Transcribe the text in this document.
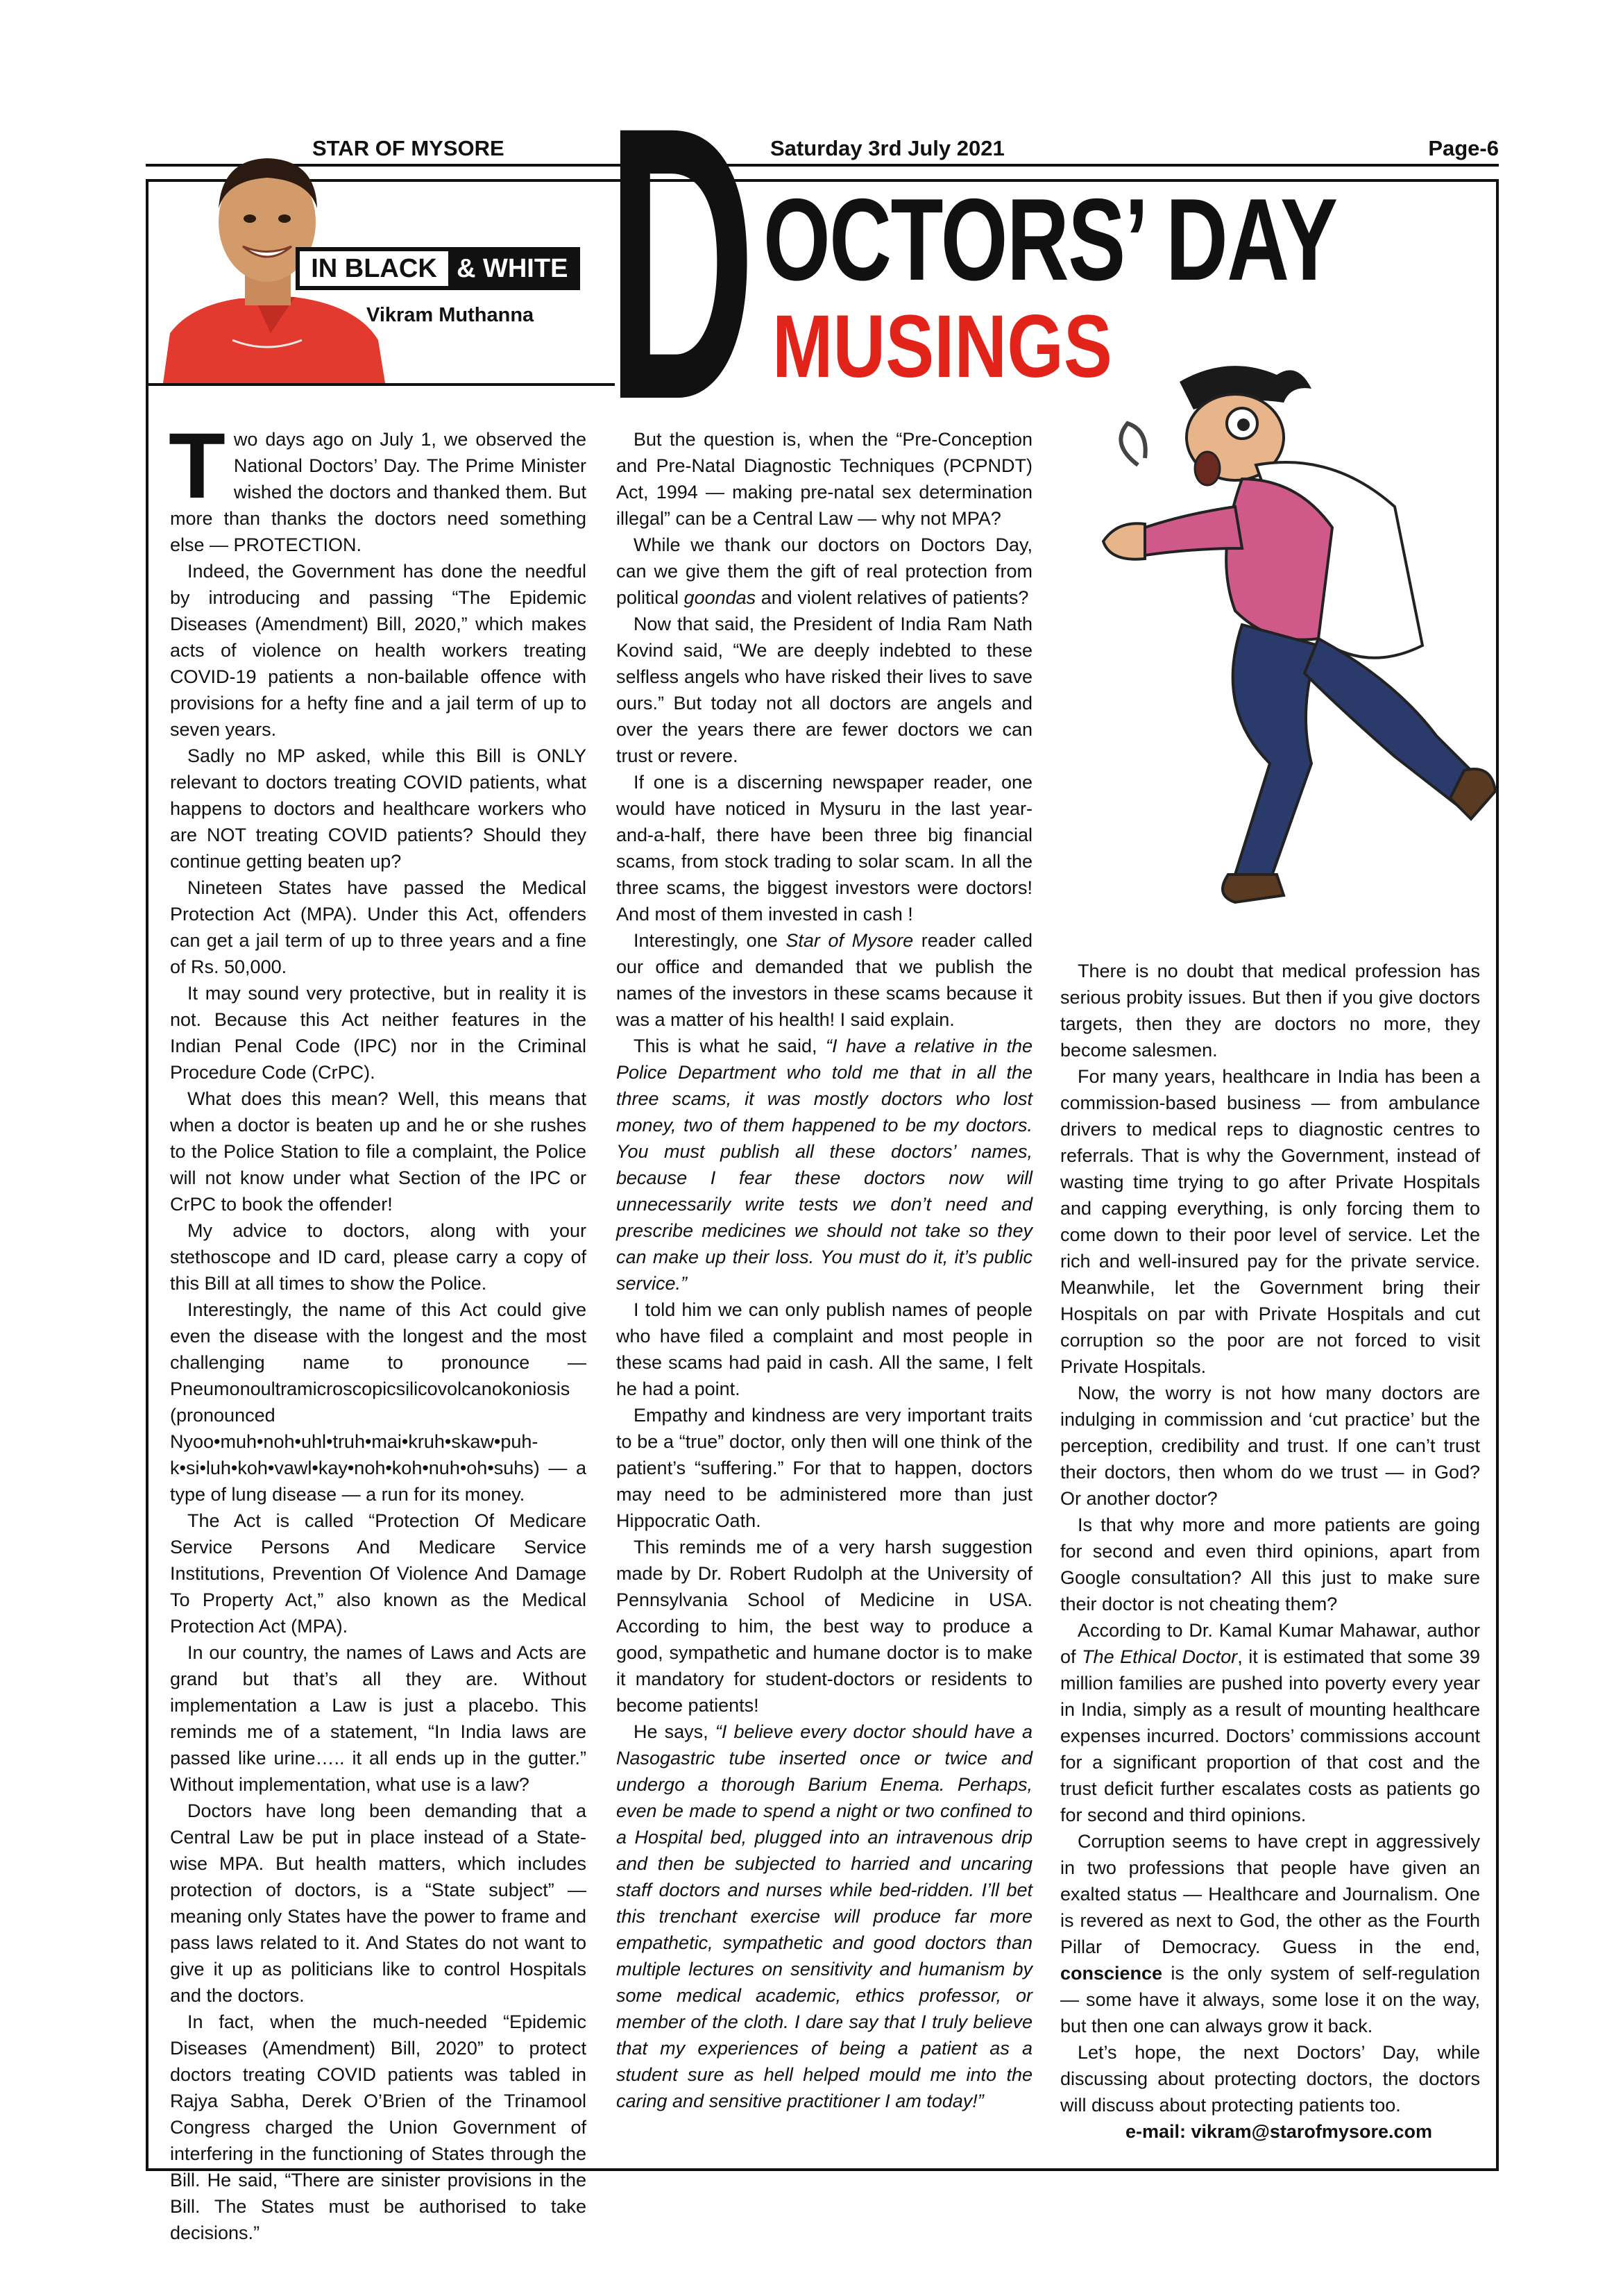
STAR OF MYSORE	Saturday 3rd July 2021	Page-6
IN BLACK & WHITE
Vikram Muthanna D OCTORS’ DAY
MUSINGS

Two days ago on July 1, we observed the National Doctors’ Day. The Prime Minister wished the doctors and thanked them. But more than thanks the doctors need something else — PROTECTION.

Indeed, the Government has done the needful by introducing and passing “The Epidemic Diseases (Amendment) Bill, 2020,” which makes acts of violence on health workers treating COVID-19 patients a non-bailable offence with provisions for a hefty fine and a jail term of up to seven years.

Sadly no MP asked, while this Bill is ONLY relevant to doctors treating COVID patients, what happens to doctors and healthcare workers who are NOT treating COVID patients? Should they continue getting beaten up?

Nineteen States have passed the Medical Protection Act (MPA). Under this Act, offenders can get a jail term of up to three years and a fine of Rs. 50,000.

It may sound very protective, but in reality it is not. Because this Act neither features in the Indian Penal Code (IPC) nor in the Criminal Procedure Code (CrPC).

What does this mean? Well, this means that when a doctor is beaten up and he or she rushes to the Police Station to file a complaint, the Police will not know under what Section of the IPC or CrPC to book the offender!

My advice to doctors, along with your stethoscope and ID card, please carry a copy of this Bill at all times to show the Police.

Interestingly, the name of this Act could give even the disease with the longest and the most challenging name to pronounce — Pneumonoultramicroscopicsilicovolcanokoniosis (pronounced Nyoo•muh•noh•uhl•truh•mai•kruh•skaw•puh-k•si•luh•koh•vawl•kay•noh•koh•nuh•oh•suhs) — a type of lung disease — a run for its money.

The Act is called “Protection Of Medicare Service Persons And Medicare Service Institutions, Prevention Of Violence And Damage To Property Act,” also known as the Medical Protection Act (MPA).

In our country, the names of Laws and Acts are grand but that’s all they are. Without implementation a Law is just a placebo. This reminds me of a statement, “In India laws are passed like urine….. it all ends up in the gutter.” Without implementation, what use is a law?

Doctors have long been demanding that a Central Law be put in place instead of a State-wise MPA. But health matters, which includes protection of doctors, is a “State subject” — meaning only States have the power to frame and pass laws related to it. And States do not want to give it up as politicians like to control Hospitals and the doctors.

In fact, when the much-needed “Epidemic Diseases (Amendment) Bill, 2020” to protect doctors treating COVID patients was tabled in Rajya Sabha, Derek O’Brien of the Trinamool Congress charged the Union Government of interfering in the functioning of States through the Bill. He said, “There are sinister provisions in the Bill. The States must be authorised to take decisions.”

But the question is, when the “Pre-Conception and Pre-Natal Diagnostic Techniques (PCPNDT) Act, 1994 — making pre-natal sex determination illegal” can be a Central Law — why not MPA?

While we thank our doctors on Doctors Day, can we give them the gift of real protection from political goondas and violent relatives of patients?

Now that said, the President of India Ram Nath Kovind said, “We are deeply indebted to these selfless angels who have risked their lives to save ours.” But today not all doctors are angels and over the years there are fewer doctors we can trust or revere.

If one is a discerning newspaper reader, one would have noticed in Mysuru in the last year-and-a-half, there have been three big financial scams, from stock trading to solar scam. In all the three scams, the biggest investors were doctors! And most of them invested in cash !

Interestingly, one Star of Mysore reader called our office and demanded that we publish the names of the investors in these scams because it was a matter of his health! I said explain.

This is what he said, “I have a relative in the Police Department who told me that in all the three scams, it was mostly doctors who lost money, two of them happened to be my doctors. You must publish all these doctors’ names, because I fear these doctors now will unnecessarily write tests we don’t need and prescribe medicines we should not take so they can make up their loss. You must do it, it’s public service.”

I told him we can only publish names of people who have filed a complaint and most people in these scams had paid in cash. All the same, I felt he had a point.

Empathy and kindness are very important traits to be a “true” doctor, only then will one think of the patient’s “suffering.” For that to happen, doctors may need to be administered more than just Hippocratic Oath.

This reminds me of a very harsh suggestion made by Dr. Robert Rudolph at the University of Pennsylvania School of Medicine in USA. According to him, the best way to produce a good, sympathetic and humane doctor is to make it mandatory for student-doctors or residents to become patients!

He says, “I believe every doctor should have a Nasogastric tube inserted once or twice and undergo a thorough Barium Enema. Perhaps, even be made to spend a night or two confined to a Hospital bed, plugged into an intravenous drip and then be subjected to harried and uncaring staff doctors and nurses while bed-ridden. I’ll bet this trenchant exercise will produce far more empathetic, sympathetic and good doctors than multiple lectures on sensitivity and humanism by some medical academic, ethics professor, or member of the cloth. I dare say that I truly believe that my experiences of being a patient as a student sure as hell helped mould me into the caring and sensitive practitioner I am today!”

There is no doubt that medical profession has serious probity issues. But then if you give doctors targets, then they are doctors no more, they become salesmen.

For many years, healthcare in India has been a commission-based business — from ambulance drivers to medical reps to diagnostic centres to referrals. That is why the Government, instead of wasting time trying to go after Private Hospitals and capping everything, is only forcing them to come down to their poor level of service. Let the rich and well-insured pay for the private service. Meanwhile, let the Government bring their Hospitals on par with Private Hospitals and cut corruption so the poor are not forced to visit Private Hospitals.

Now, the worry is not how many doctors are indulging in commission and ‘cut practice’ but the perception, credibility and trust. If one can’t trust their doctors, then whom do we trust — in God? Or another doctor?

Is that why more and more patients are going for second and even third opinions, apart from Google consultation? All this just to make sure their doctor is not cheating them?

According to Dr. Kamal Kumar Mahawar, author of The Ethical Doctor, it is estimated that some 39 million families are pushed into poverty every year in India, simply as a result of mounting healthcare expenses incurred. Doctors’ commissions account for a significant proportion of that cost and the trust deficit further escalates costs as patients go for second and third opinions.

Corruption seems to have crept in aggressively in two professions that people have given an exalted status — Healthcare and Journalism. One is revered as next to God, the other as the Fourth Pillar of Democracy. Guess in the end, conscience is the only system of self-regulation — some have it always, some lose it on the way, but then one can always grow it back.

Let’s hope, the next Doctors’ Day, while discussing about protecting doctors, the doctors will discuss about protecting patients too.

e-mail: vikram@starofmysore.com
